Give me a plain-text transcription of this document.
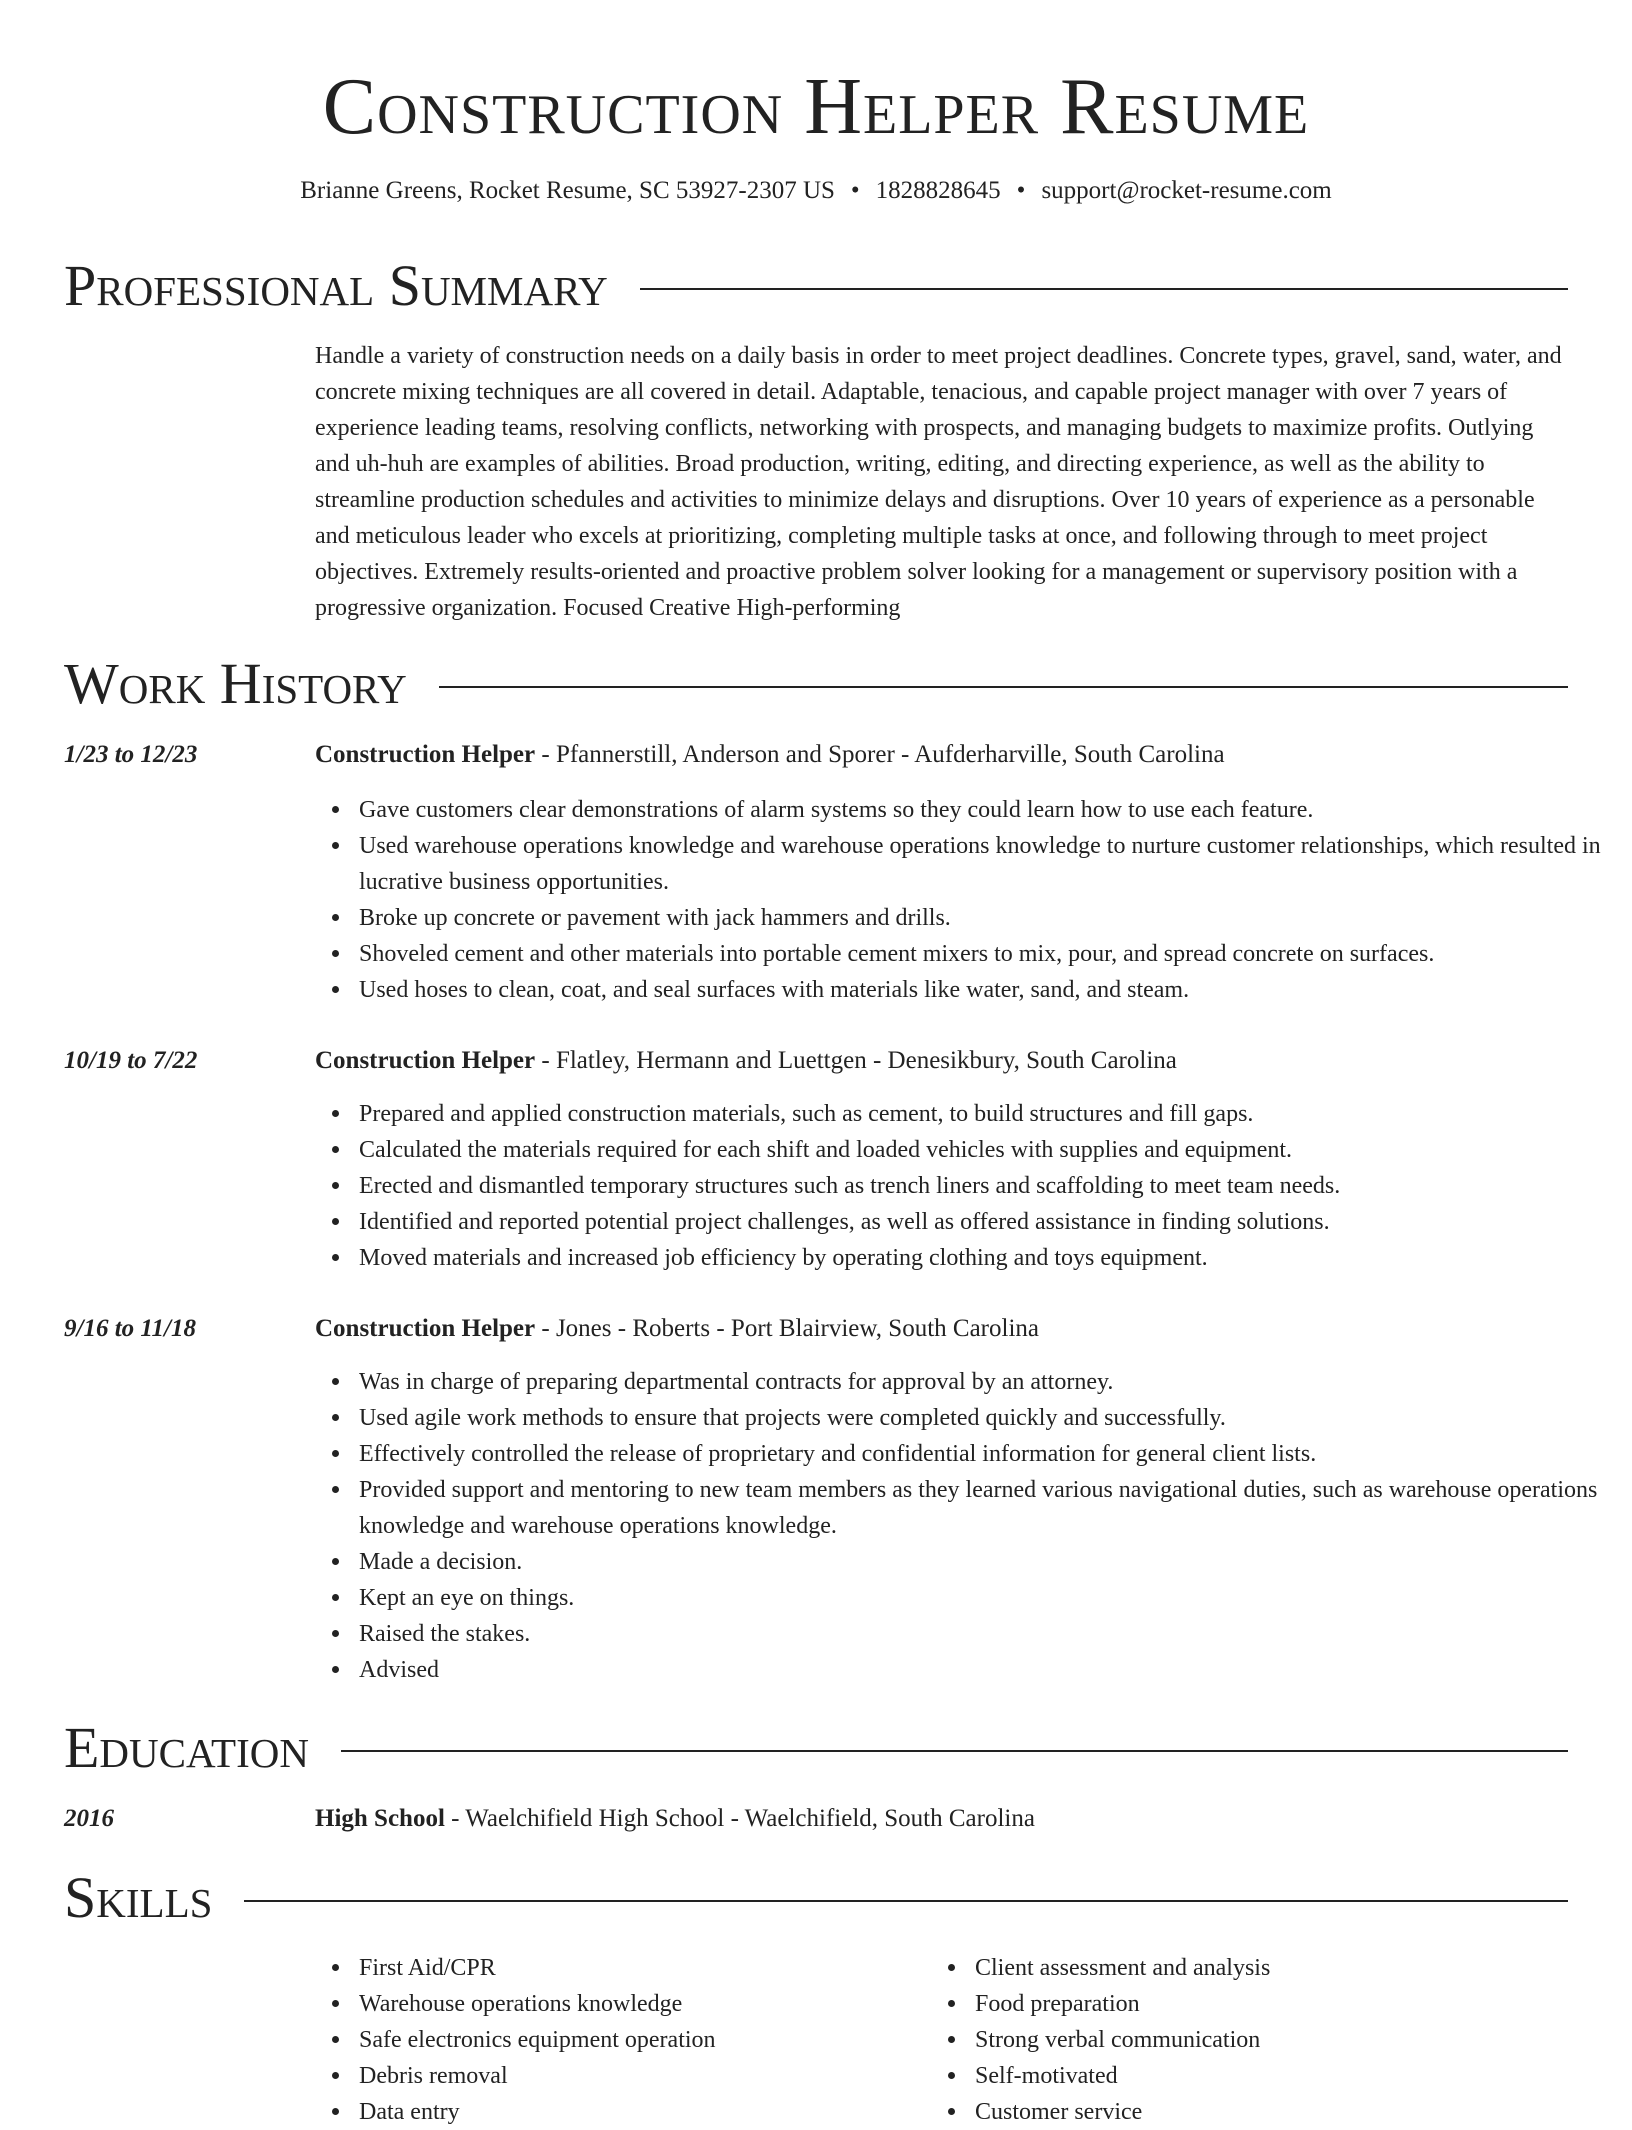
Construction Helper Resume
Brianne Greens, Rocket Resume, SC 53927-2307 US • 1828828645 • support@rocket-resume.com
Professional Summary

Handle a variety of construction needs on a daily basis in order to meet project deadlines. Concrete types, gravel, sand, water, and concrete mixing techniques are all covered in detail. Adaptable, tenacious, and capable project manager with over 7 years of experience leading teams, resolving conflicts, networking with prospects, and managing budgets to maximize profits. Outlying and uh-huh are examples of abilities. Broad production, writing, editing, and directing experience, as well as the ability to streamline production schedules and activities to minimize delays and disruptions. Over 10 years of experience as a personable and meticulous leader who excels at prioritizing, completing multiple tasks at once, and following through to meet project objectives. Extremely results-oriented and proactive problem solver looking for a management or supervisory position with a progressive organization. Focused Creative High-performing

Work History
1/23 to 12/23	Construction Helper - Pfannerstill, Anderson and Sporer - Aufderharville, South Carolina
Gave customers clear demonstrations of alarm systems so they could learn how to use each feature.
Used warehouse operations knowledge and warehouse operations knowledge to nurture customer relationships, which resulted in lucrative business opportunities.
Broke up concrete or pavement with jack hammers and drills.
Shoveled cement and other materials into portable cement mixers to mix, pour, and spread concrete on surfaces.
Used hoses to clean, coat, and seal surfaces with materials like water, sand, and steam.
10/19 to 7/22	Construction Helper - Flatley, Hermann and Luettgen - Denesikbury, South Carolina
Prepared and applied construction materials, such as cement, to build structures and fill gaps.
Calculated the materials required for each shift and loaded vehicles with supplies and equipment.
Erected and dismantled temporary structures such as trench liners and scaffolding to meet team needs.
Identified and reported potential project challenges, as well as offered assistance in finding solutions.
Moved materials and increased job efficiency by operating clothing and toys equipment.
9/16 to 11/18	Construction Helper - Jones - Roberts - Port Blairview, South Carolina
Was in charge of preparing departmental contracts for approval by an attorney.
Used agile work methods to ensure that projects were completed quickly and successfully.
Effectively controlled the release of proprietary and confidential information for general client lists.
Provided support and mentoring to new team members as they learned various navigational duties, such as warehouse operations knowledge and warehouse operations knowledge.
Made a decision.
Kept an eye on things.
Raised the stakes.
Advised
Education
2016	High School - Waelchifield High School - Waelchifield, South Carolina
Skills
First Aid/CPR
Warehouse operations knowledge
Safe electronics equipment operation
Debris removal
Data entry
Client assessment and analysis
Food preparation
Strong verbal communication
Self-motivated
Customer service
